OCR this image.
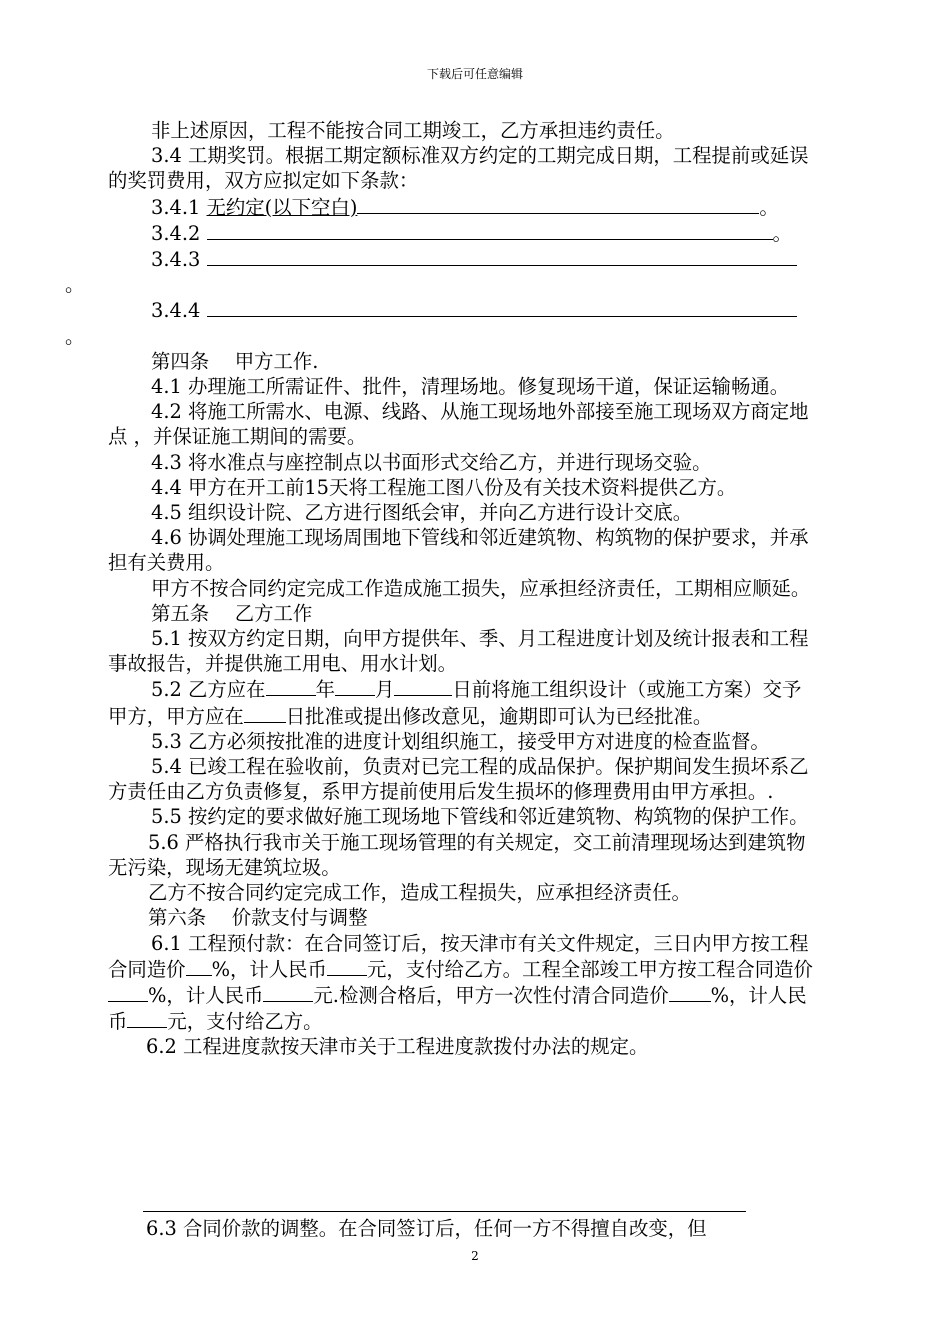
下载后可任意编辑

非上述原因，工程不能按合同工期竣工，乙方承担违约责任。

3.4 工期奖罚。根据工期定额标准双方约定的工期完成日期，工程提前或延误的奖罚费用，双方应拟定如下条款：

3.4.1 无约定(以下空白)	。

3.4.2	。

3.4.3
。

3.4.4
。

第四条　 甲方工作.

4.1 办理施工所需证件、批件，清理场地。修复现场干道，保证运输畅通。

4.2 将施工所需水、电源、线路、从施工现场地外部接至施工现场双方商定地点 ，并保证施工期间的需要。

4.3 将水准点与座控制点以书面形式交给乙方，并进行现场交验。

4.4 甲方在开工前15天将工程施工图八份及有关技术资料提供乙方。

4.5 组织设计院、乙方进行图纸会审，并向乙方进行设计交底。

4.6 协调处理施工现场周围地下管线和邻近建筑物、构筑物的保护要求，并承担有关费用。

甲方不按合同约定完成工作造成施工损失，应承担经济责任，工期相应顺延。

第五条　 乙方工作

5.1 按双方约定日期，向甲方提供年、季、月工程进度计划及统计报表和工程事故报告，并提供施工用电、用水计划。

5.2 乙方应在	年 月	日前将施工组织设计（或施工方案）交予甲方，甲方应在 日批准或提出修改意见，逾期即可认为已经批准。

5.3 乙方必须按批准的进度计划组织施工，接受甲方对进度的检查监督。

5.4 已竣工程在验收前，负责对已完工程的成品保护。保护期间发生损坏系乙方责任由乙方负责修复，系甲方提前使用后发生损坏的修理费用由甲方承担。.

5.5 按约定的要求做好施工现场地下管线和邻近建筑物、构筑物的保护工作。

5.6 严格执行我市关于施工现场管理的有关规定，交工前清理现场达到建筑物无污染，现场无建筑垃圾。

乙方不按合同约定完成工作，造成工程损失，应承担经济责任。

第六条　 价款支付与调整

6.1 工程预付款：在合同签订后，按天津市有关文件规定，三日内甲方按工程合同造价 %，计人民币 元，支付给乙方。工程全部竣工甲方按工程合同造价%，计人民币	元.检测合格后，甲方一次性付清合同造价 %，计人民币 元，支付给乙方。

6.2 工程进度款按天津市关于工程进度款拨付办法的规定。

6.3 合同价款的调整。在合同签订后，任何一方不得擅自改变，但

2
